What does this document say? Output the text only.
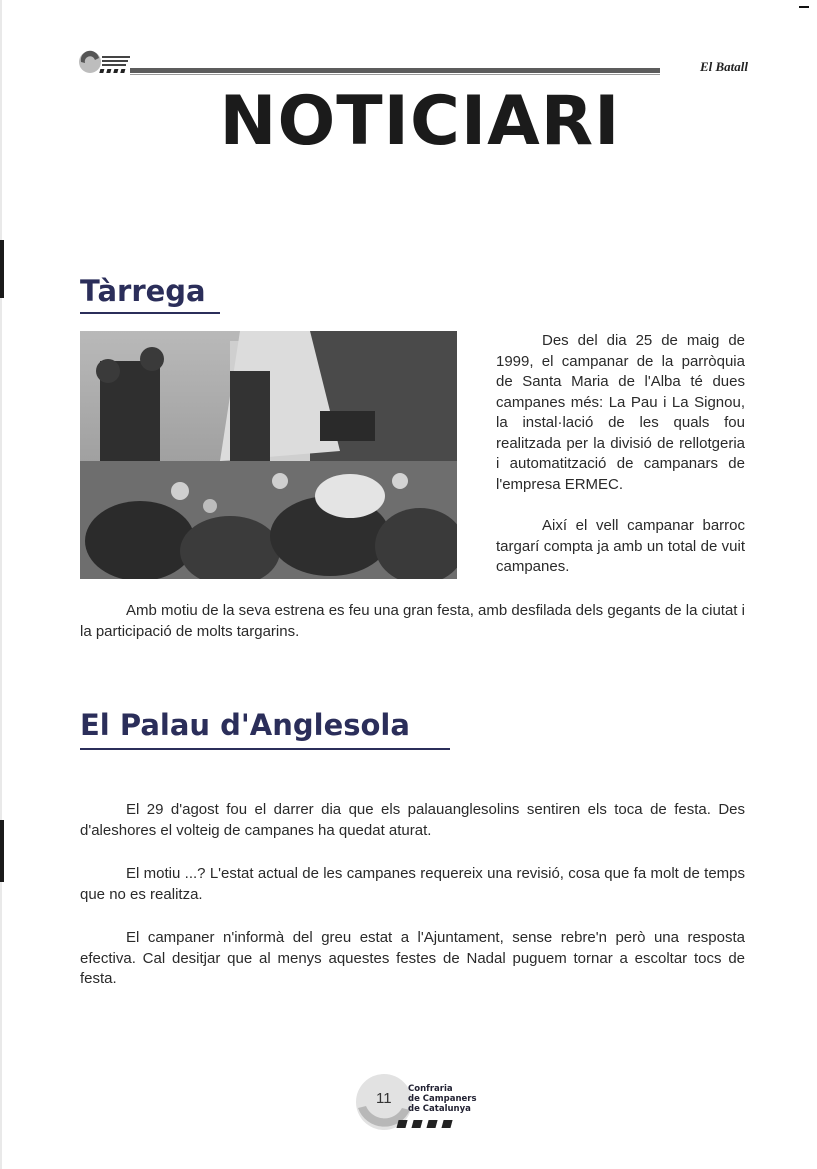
El Batall
NOTICIARI
Tàrrega

Des del dia 25 de maig de 1999, el campanar de la parròquia de Santa Maria de l'Alba té dues campanes més: La Pau i La Signou, la instal·lació de les quals fou realitzada per la divisió de rellotgeria i automatització de campanars de l'empresa ERMEC.

Així el vell campanar barroc targarí compta ja amb un total de vuit campanes.

Amb motiu de la seva estrena es feu una gran festa, amb desfilada dels gegants de la ciutat i la participació de molts targarins.

El Palau d'Anglesola

El 29 d'agost fou el darrer dia que els palauanglesolins sentiren els toca de festa. Des d'aleshores el volteig de campanes ha quedat aturat.

El motiu ...? L'estat actual de les campanes requereix una revisió, cosa que fa molt de temps que no es realitza.

El campaner n'informà del greu estat a l'Ajuntament, sense rebre'n però una resposta efectiva. Cal desitjar que al menys aquestes festes de Nadal puguem tornar a escoltar tocs de festa.

11
Confraria
de Campaners
de Catalunya
